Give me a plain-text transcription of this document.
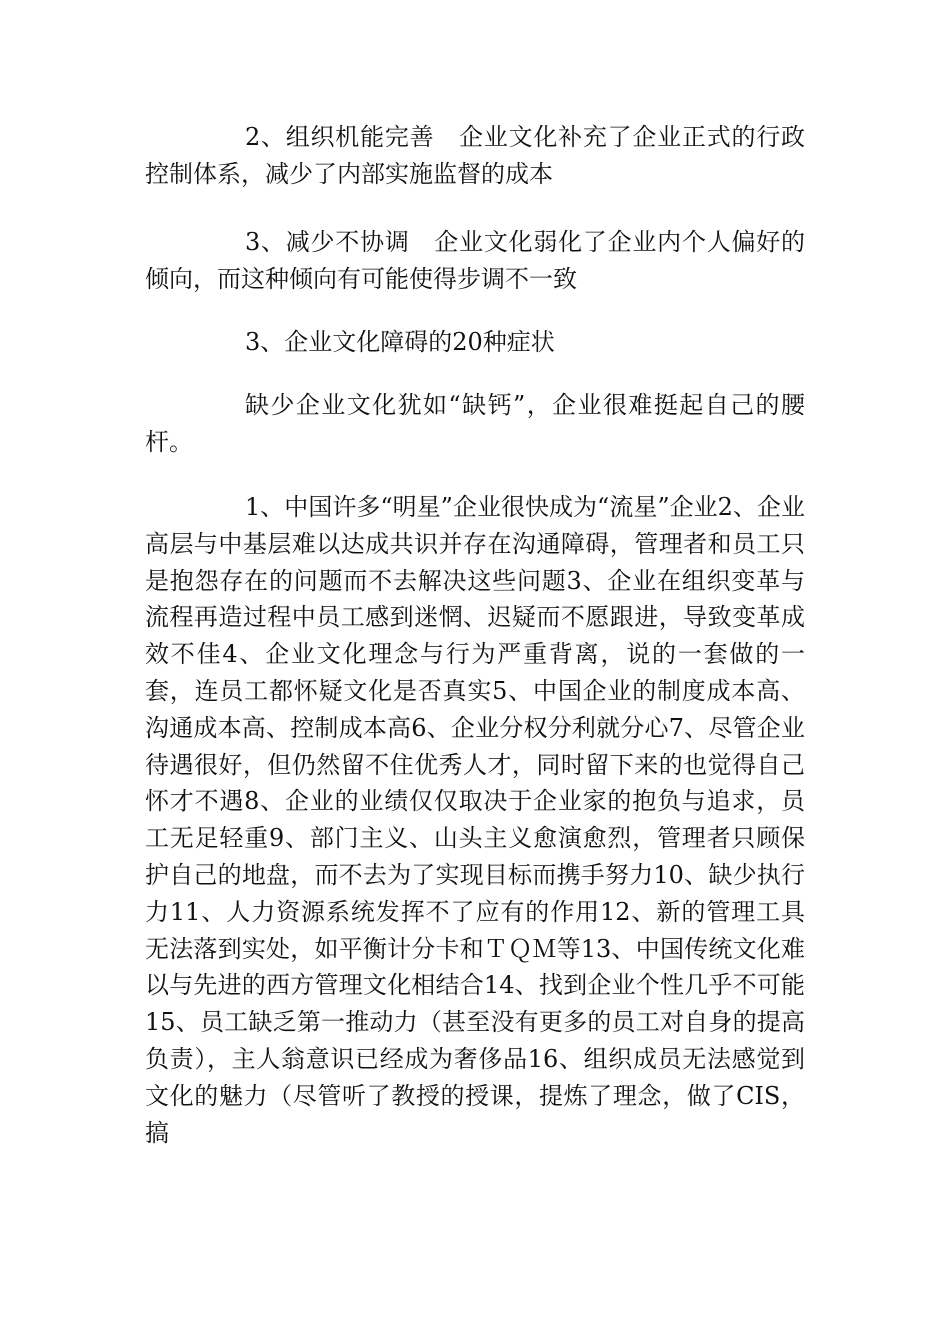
2、组织机能完善　企业文化补充了企业正式的行政控制体系，减少了内部实施监督的成本

3、减少不协调　企业文化弱化了企业内个人偏好的倾向，而这种倾向有可能使得步调不一致

3、企业文化障碍的20种症状

缺少企业文化犹如“缺钙”，企业很难挺起自己的腰杆。

1、中国许多“明星”企业很快成为“流星”企业2、企业高层与中基层难以达成共识并存在沟通障碍，管理者和员工只是抱怨存在的问题而不去解决这些问题3、企业在组织变革与流程再造过程中员工感到迷惘、迟疑而不愿跟进，导致变革成效不佳4、企业文化理念与行为严重背离，说的一套做的一套，连员工都怀疑文化是否真实5、中国企业的制度成本高、沟通成本高、控制成本高6、企业分权分利就分心7、尽管企业待遇很好，但仍然留不住优秀人才，同时留下来的也觉得自己怀才不遇8、企业的业绩仅仅取决于企业家的抱负与追求，员工无足轻重9、部门主义、山头主义愈演愈烈，管理者只顾保护自己的地盘，而不去为了实现目标而携手努力10、缺少执行力11、人力资源系统发挥不了应有的作用12、新的管理工具无法落到实处，如平衡计分卡和ＴＱＭ等13、中国传统文化难以与先进的西方管理文化相结合14、找到企业个性几乎不可能15、员工缺乏第一推动力（甚至没有更多的员工对自身的提高负责），主人翁意识已经成为奢侈品16、组织成员无法感觉到文化的魅力（尽管听了教授的授课，提炼了理念，做了CIS，搞
